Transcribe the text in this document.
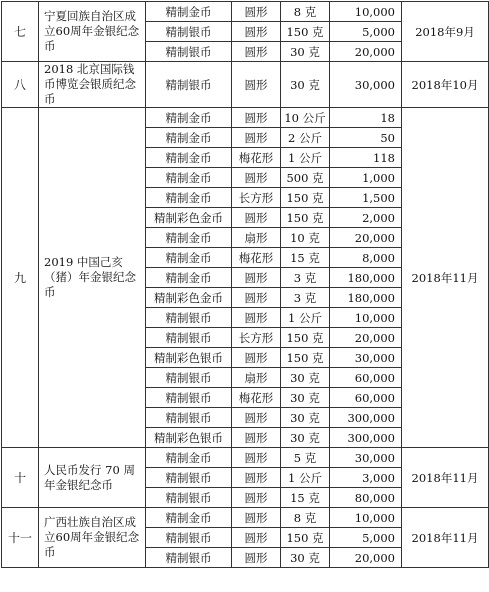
七	宁夏回族自治区成立60周年金银纪念币	精制金币	圆形	8 克	10,000	2018年9月
		精制银币	圆形	150 克	5,000	
		精制银币	圆形	30 克	20,000	
八	2018 北京国际钱币博览会银质纪念币	精制银币	圆形	30 克	30,000	2018年10月
九	2019 中国己亥（猪）年金银纪念币	精制金币	圆形	10 公斤	18	2018年11月
		精制金币	圆形	2 公斤	50	
		精制金币	梅花形	1 公斤	118	
		精制金币	圆形	500 克	1,000	
		精制金币	长方形	150 克	1,500	
		精制彩色金币	圆形	150 克	2,000	
		精制金币	扇形	10 克	20,000	
		精制金币	梅花形	15 克	8,000	
		精制金币	圆形	3 克	180,000	
		精制彩色金币	圆形	3 克	180,000	
		精制银币	圆形	1 公斤	10,000	
		精制银币	长方形	150 克	20,000	
		精制彩色银币	圆形	150 克	30,000	
		精制银币	扇形	30 克	60,000	
		精制银币	梅花形	30 克	60,000	
		精制银币	圆形	30 克	300,000	
		精制彩色银币	圆形	30 克	300,000	
十	人民币发行 70 周年金银纪念币	精制金币	圆形	5 克	30,000	2018年11月
		精制银币	圆形	1 公斤	3,000	
		精制银币	圆形	15 克	80,000	
十一	广西壮族自治区成立60周年金银纪念币	精制金币	圆形	8 克	10,000	2018年11月
		精制银币	圆形	150 克	5,000	
		精制银币	圆形	30 克	20,000	
